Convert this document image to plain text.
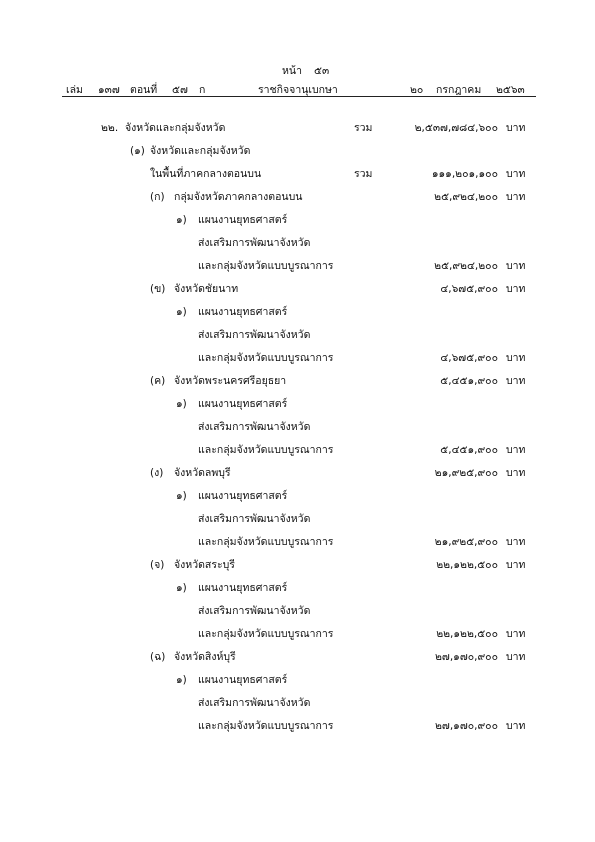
หน้า ๕๓
เล่ม ๑๓๗ ตอนที่ ๕๗ ก	ราชกิจจานุเบกษา	๒๐ กรกฎาคม ๒๕๖๓
๒๒. จังหวัดและกลุ่มจังหวัด	รวม	๒,๕๓๗,๗๘๔,๖๐๐ บาท
(๑) จังหวัดและกลุ่มจังหวัด
ในพื้นที่ภาคกลางตอนบน	รวม	๑๑๑,๒๐๑,๑๐๐ บาท
(ก) กลุ่มจังหวัดภาคกลางตอนบน	๒๕,๙๒๔,๒๐๐ บาท
๑) แผนงานยุทธศาสตร์
ส่งเสริมการพัฒนาจังหวัด
และกลุ่มจังหวัดแบบบูรณาการ	๒๕,๙๒๔,๒๐๐ บาท
(ข) จังหวัดชัยนาท	๔,๖๗๕,๙๐๐ บาท
๑) แผนงานยุทธศาสตร์
ส่งเสริมการพัฒนาจังหวัด
และกลุ่มจังหวัดแบบบูรณาการ	๔,๖๗๕,๙๐๐ บาท
(ค) จังหวัดพระนครศรีอยุธยา	๕,๔๕๑,๙๐๐ บาท
๑) แผนงานยุทธศาสตร์
ส่งเสริมการพัฒนาจังหวัด
และกลุ่มจังหวัดแบบบูรณาการ	๕,๔๕๑,๙๐๐ บาท
(ง) จังหวัดลพบุรี	๒๑,๙๒๕,๙๐๐ บาท
๑) แผนงานยุทธศาสตร์
ส่งเสริมการพัฒนาจังหวัด
และกลุ่มจังหวัดแบบบูรณาการ	๒๑,๙๒๕,๙๐๐ บาท
(จ) จังหวัดสระบุรี	๒๒,๑๒๒,๕๐๐ บาท
๑) แผนงานยุทธศาสตร์
ส่งเสริมการพัฒนาจังหวัด
และกลุ่มจังหวัดแบบบูรณาการ	๒๒,๑๒๒,๕๐๐ บาท
(ฉ) จังหวัดสิงห์บุรี	๒๗,๑๗๐,๙๐๐ บาท
๑) แผนงานยุทธศาสตร์
ส่งเสริมการพัฒนาจังหวัด
และกลุ่มจังหวัดแบบบูรณาการ	๒๗,๑๗๐,๙๐๐ บาท
